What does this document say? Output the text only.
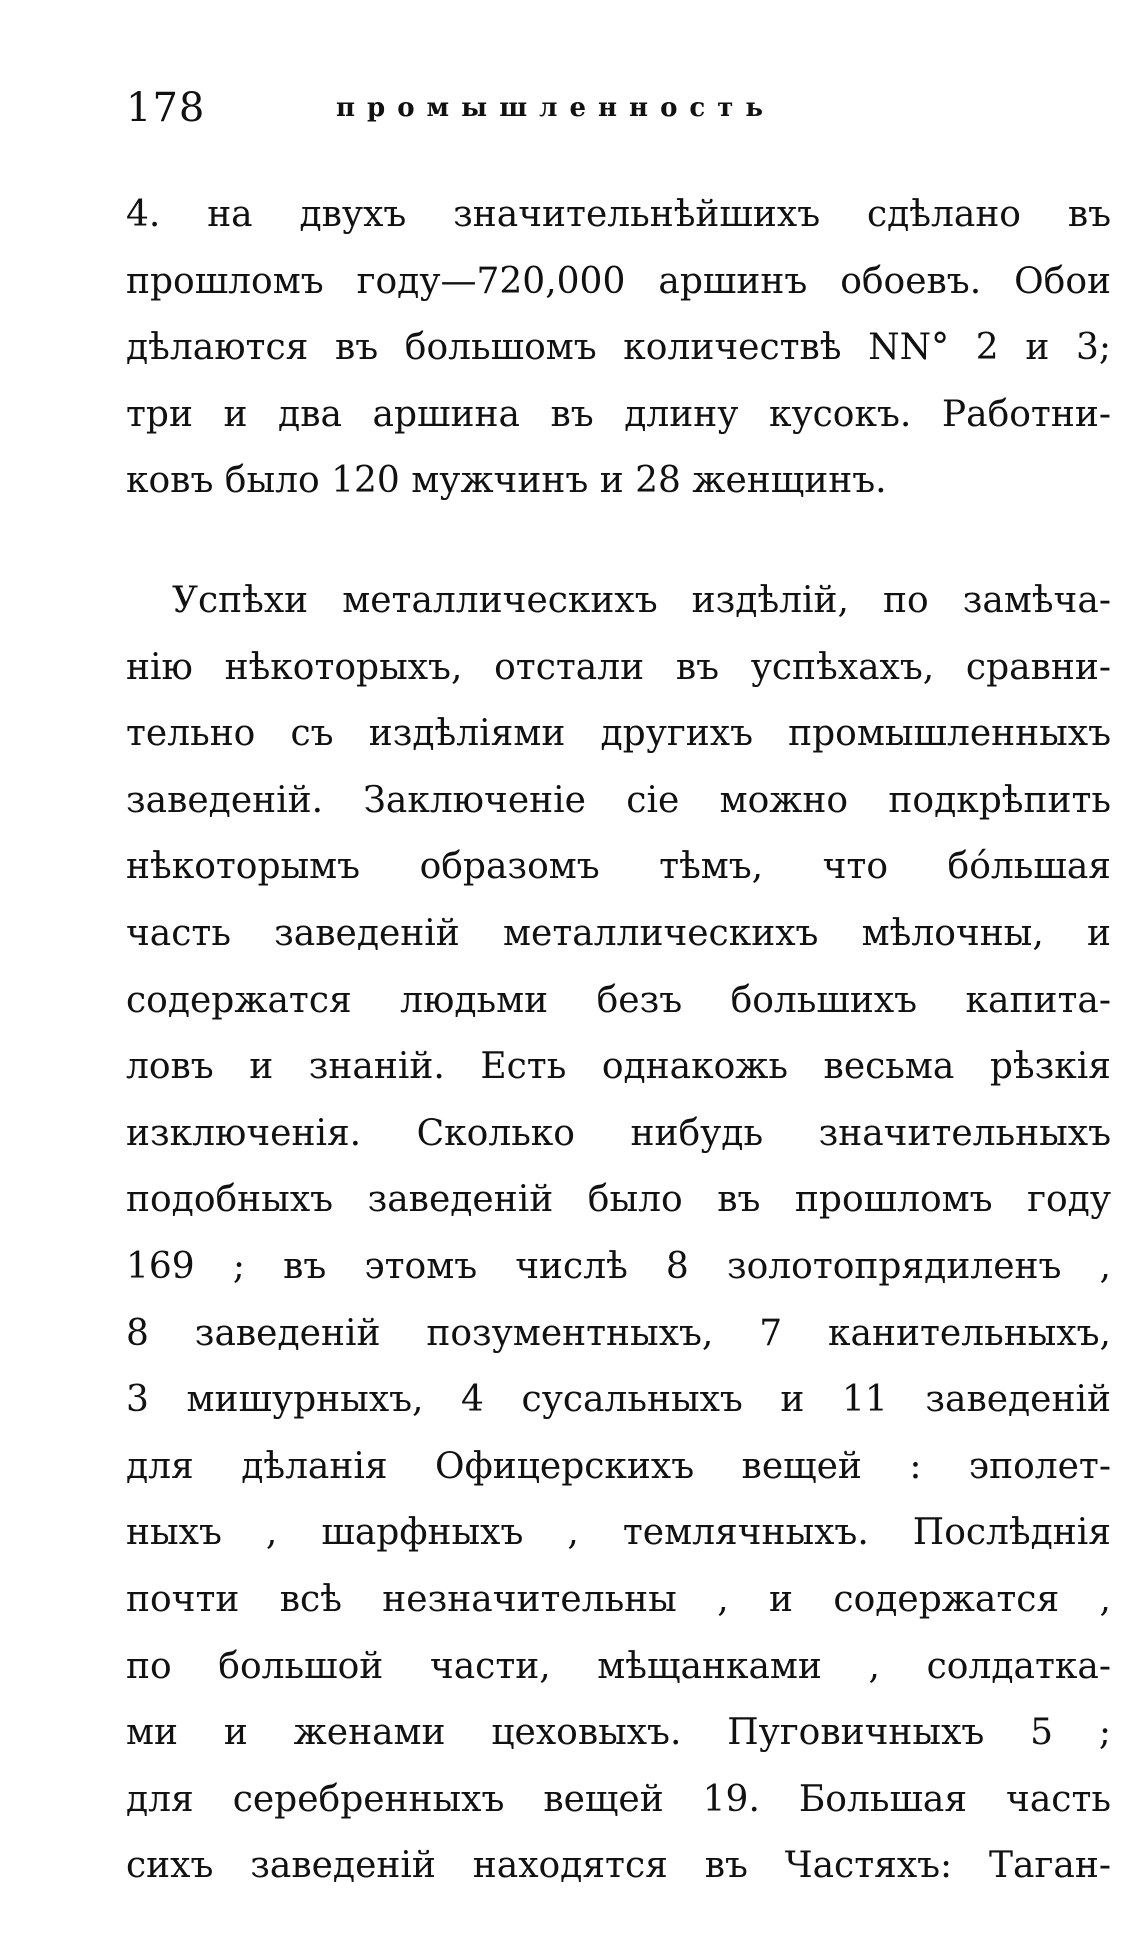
178	промышленность
4. на двухъ значительнѣйшихъ сдѣлано въ
прошломъ году—720,000 аршинъ обоевъ. Обои
дѣлаются въ большомъ количествѣ NN° 2 и 3;
три и два аршина въ длину кусокъ. Работни-
ковъ было 120 мужчинъ и 28 женщинъ.
Успѣхи металлическихъ издѣлій, по замѣча-
нію нѣкоторыхъ, отстали въ успѣхахъ, сравни-
тельно съ издѣліями другихъ промышленныхъ
заведеній. Заключеніе сіе можно подкрѣпить
нѣкоторымъ образомъ тѣмъ, что бо́льшая
часть заведеній металлическихъ мѣлочны, и
содержатся людьми безъ большихъ капита-
ловъ и знаній. Есть однакожь весьма рѣзкія
изключенія. Сколько нибудь значительныхъ
подобныхъ заведеній было въ прошломъ году
169 ; въ этомъ числѣ 8 золотопрядиленъ ,
8 заведеній позументныхъ, 7 канительныхъ,
3 мишурныхъ, 4 сусальныхъ и 11 заведеній
для дѣланія Офицерскихъ вещей : эполет-
ныхъ , шарфныхъ , темлячныхъ. Послѣднія
почти всѣ незначительны , и содержатся ,
по большой части, мѣщанками , солдатка-
ми и женами цеховыхъ. Пуговичныхъ 5 ;
для серебренныхъ вещей 19. Большая часть
сихъ заведеній находятся въ Частяхъ: Таган-
